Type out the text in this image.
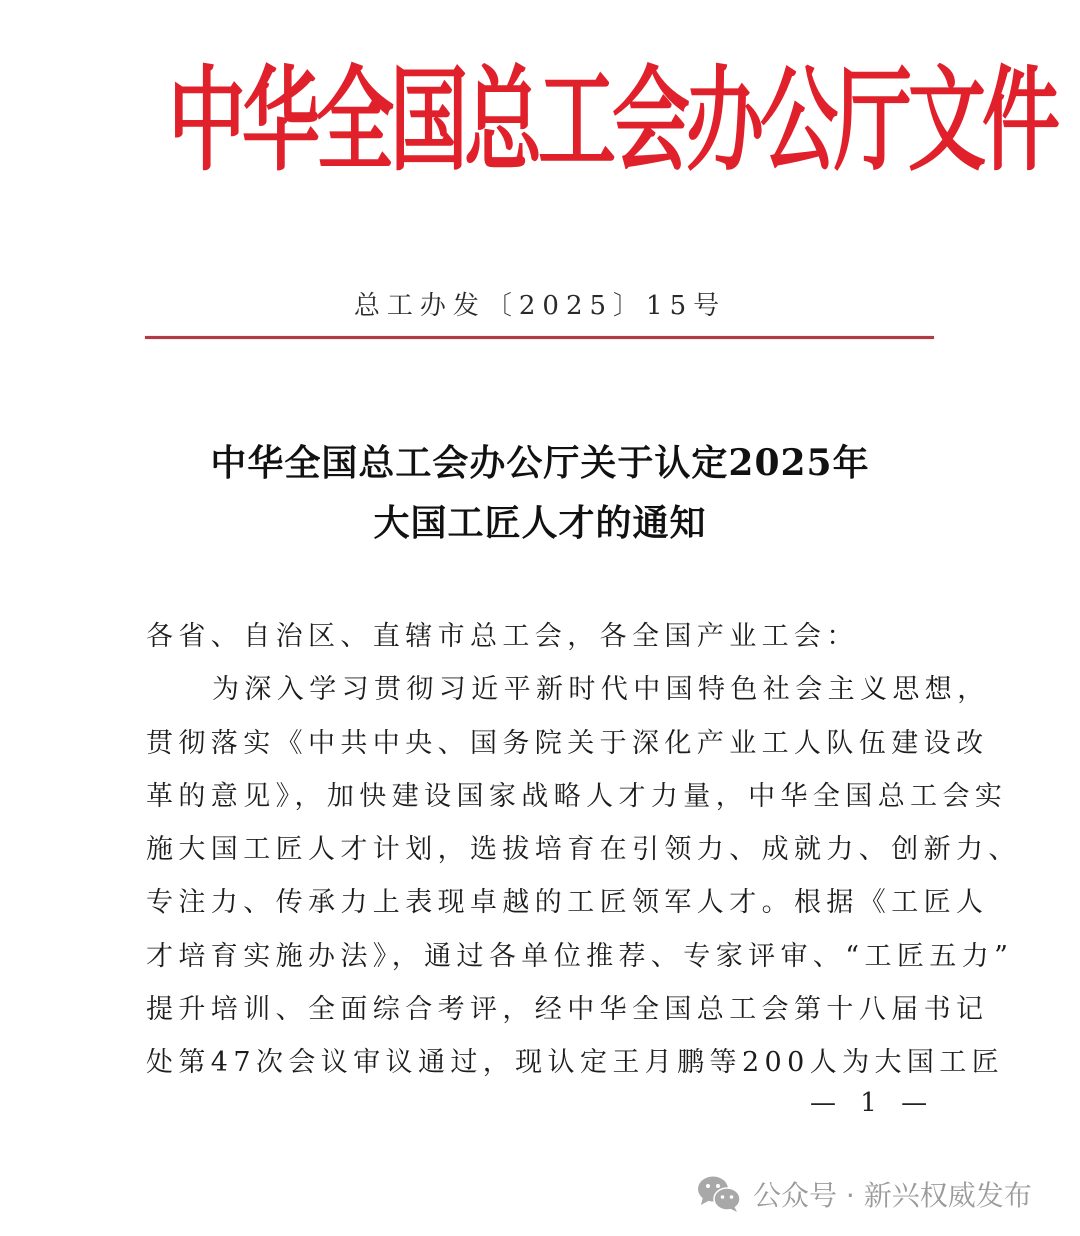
中
华
全
国
总
工
会
办
公
厅
文
件
总工办发〔2025〕15号
中华全国总工会办公厅关于认定2025年
大国工匠人才的通知
各省、自治区、直辖市总工会，各全国产业工会：
为深入学习贯彻习近平新时代中国特色社会主义思想，
贯彻落实《中共中央、国务院关于深化产业工人队伍建设改
革的意见》，加快建设国家战略人才力量，中华全国总工会实
施大国工匠人才计划，选拔培育在引领力、成就力、创新力、
专注力、传承力上表现卓越的工匠领军人才。根据《工匠人
才培育实施办法》，通过各单位推荐、专家评审、“工匠五力”
提升培训、全面综合考评，经中华全国总工会第十八届书记
处第47次会议审议通过，现认定王月鹏等200人为大国工匠
— 1 —
公众号 · 新兴权威发布
